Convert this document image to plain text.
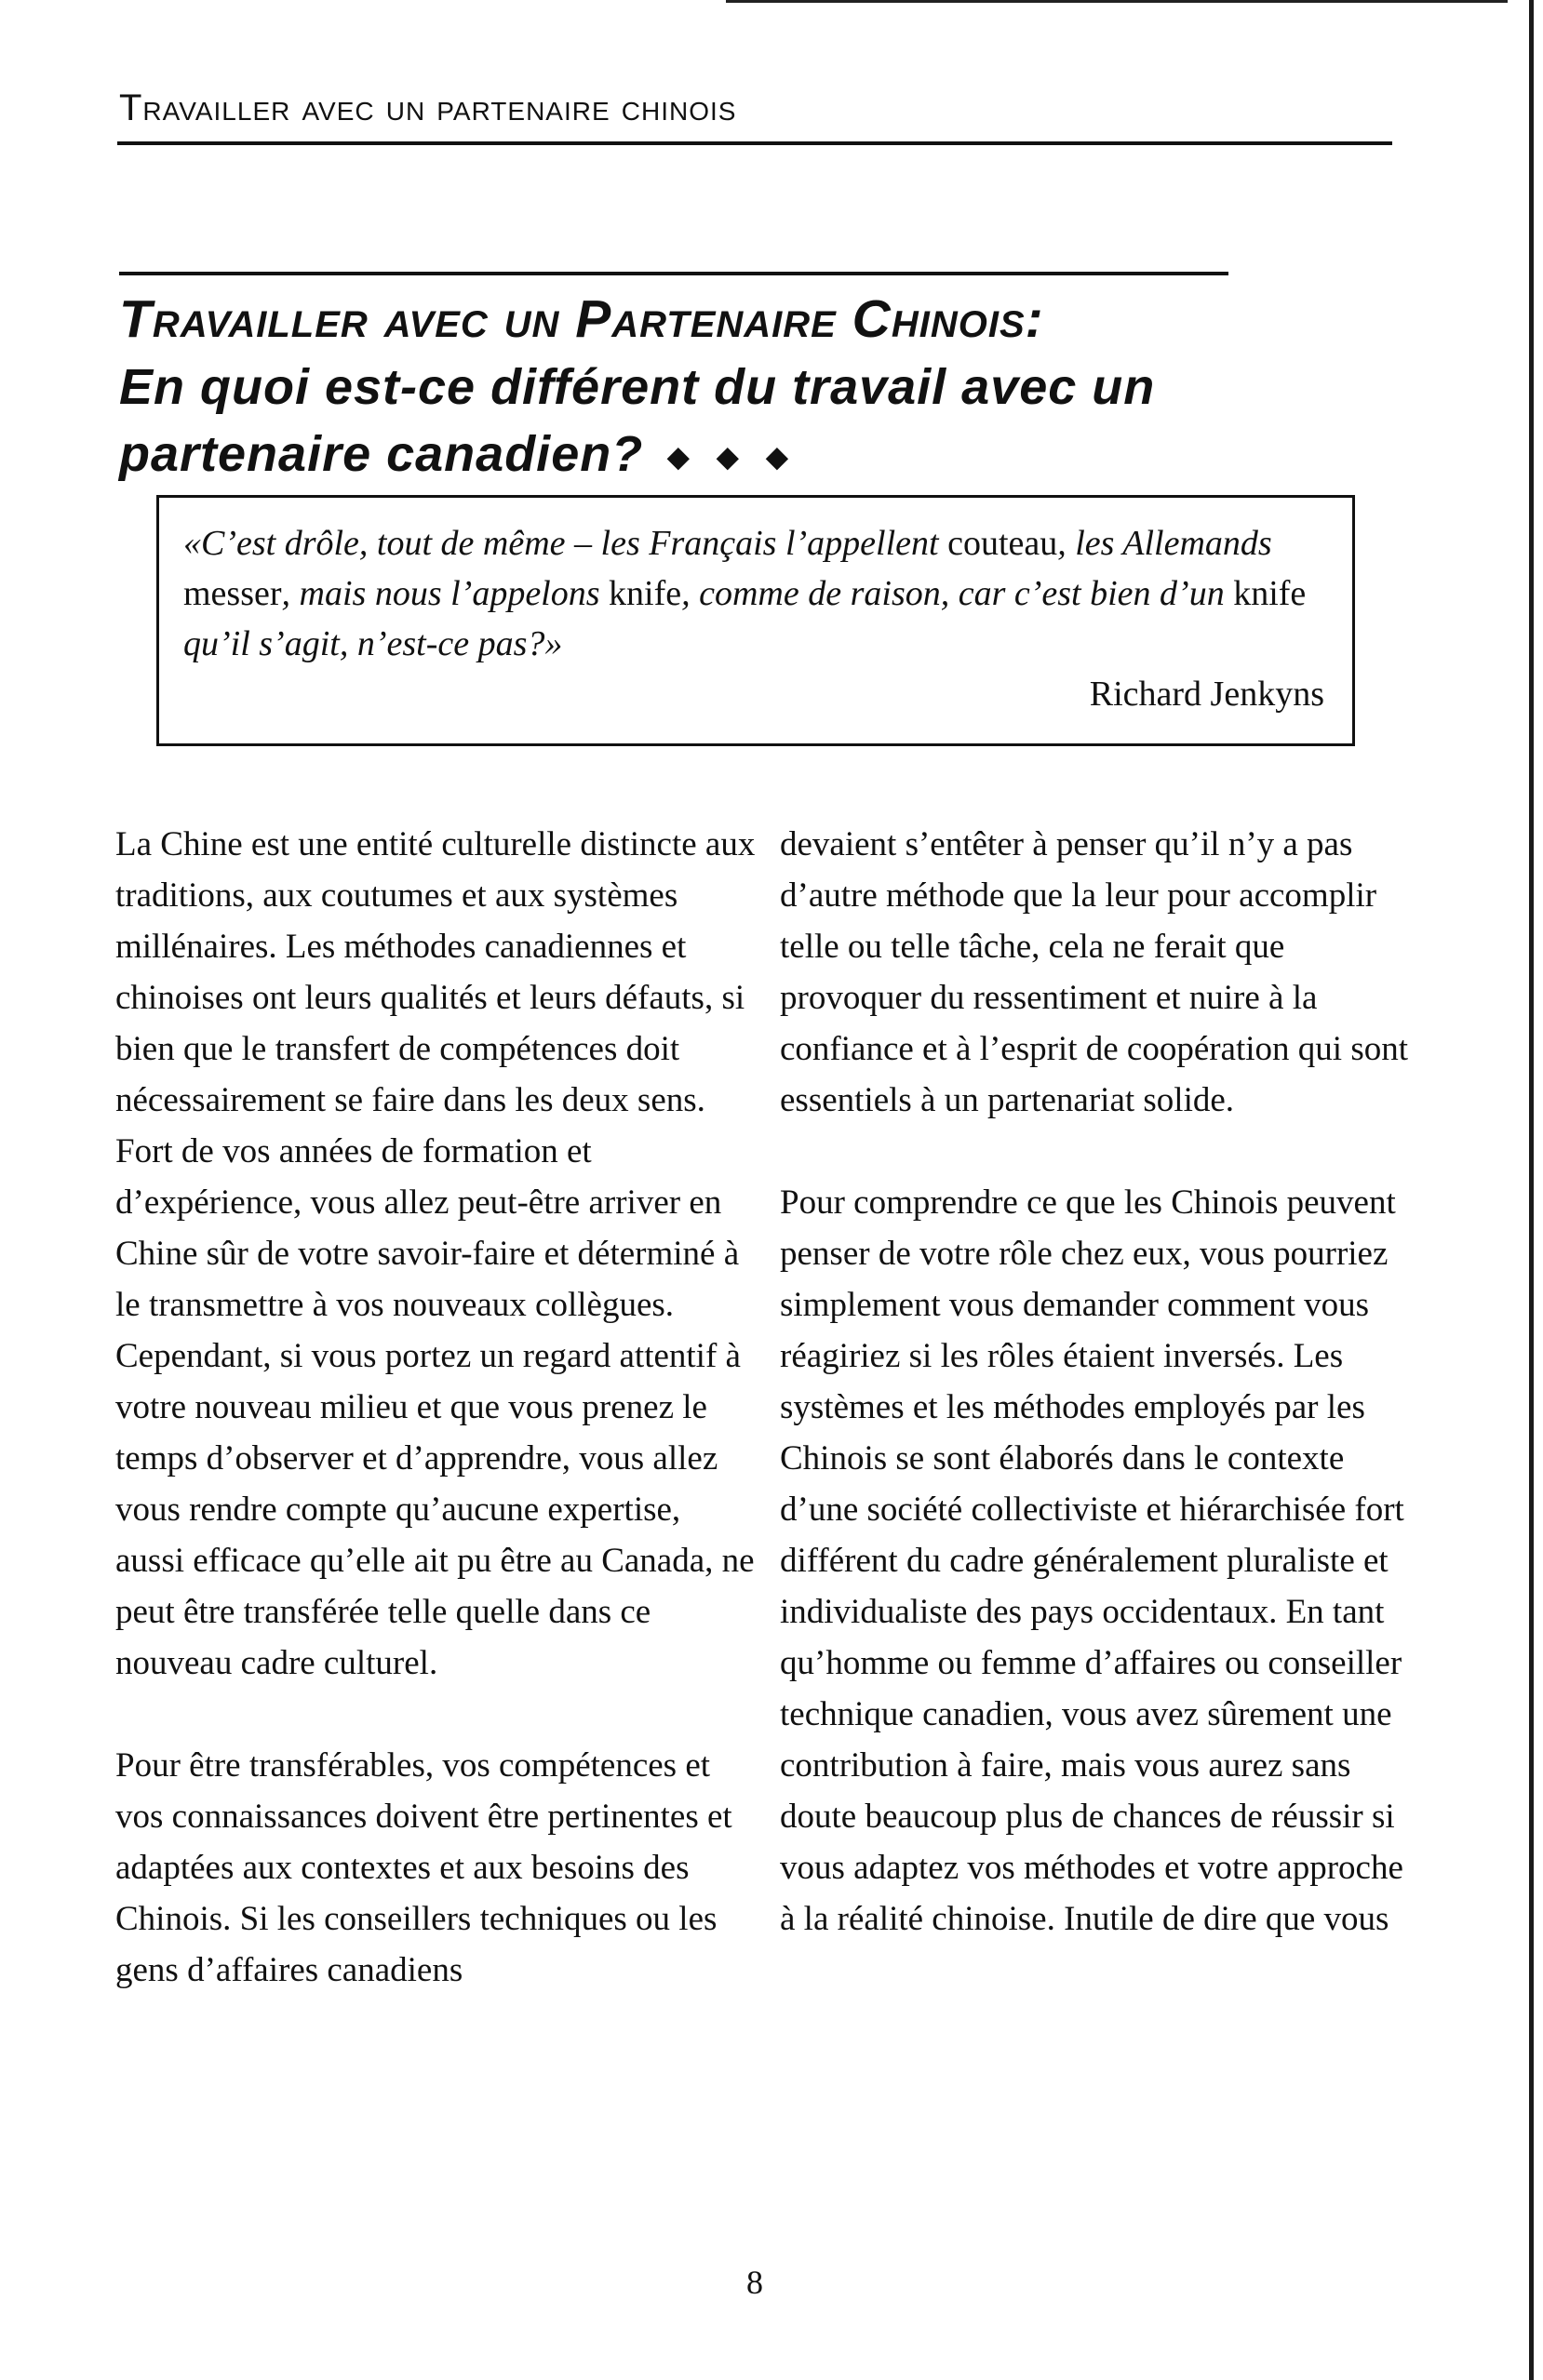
Travailler avec un partenaire chinois
Travailler avec un Partenaire Chinois:
En quoi est-ce différent du travail avec un partenaire canadien? ◆◆◆

«C’est drôle, tout de même – les Français l’appellent couteau, les Allemands messer, mais nous l’appelons knife, comme de raison, car c’est bien d’un knife qu’il s’agit, n’est-ce pas?»

Richard Jenkyns

La Chine est une entité culturelle distincte aux traditions, aux coutumes et aux systèmes millénaires. Les méthodes canadiennes et chinoises ont leurs qualités et leurs défauts, si bien que le transfert de compétences doit nécessairement se faire dans les deux sens. Fort de vos années de formation et d’expérience, vous allez peut-être arriver en Chine sûr de votre savoir-faire et déterminé à le transmettre à vos nouveaux collègues. Cependant, si vous portez un regard attentif à votre nouveau milieu et que vous prenez le temps d’observer et d’apprendre, vous allez vous rendre compte qu’aucune expertise, aussi efficace qu’elle ait pu être au Canada, ne peut être transférée telle quelle dans ce nouveau cadre culturel.

Pour être transférables, vos compétences et vos connaissances doivent être pertinentes et adaptées aux contextes et aux besoins des Chinois. Si les conseillers techniques ou les gens d’affaires canadiens

devaient s’entêter à penser qu’il n’y a pas d’autre méthode que la leur pour accomplir telle ou telle tâche, cela ne ferait que provoquer du ressentiment et nuire à la confiance et à l’esprit de coopération qui sont essentiels à un partenariat solide.

Pour comprendre ce que les Chinois peuvent penser de votre rôle chez eux, vous pourriez simplement vous demander comment vous réagiriez si les rôles étaient inversés. Les systèmes et les méthodes employés par les Chinois se sont élaborés dans le contexte d’une société collectiviste et hiérarchisée fort différent du cadre généralement pluraliste et individualiste des pays occidentaux. En tant qu’homme ou femme d’affaires ou conseiller technique canadien, vous avez sûrement une contribution à faire, mais vous aurez sans doute beaucoup plus de chances de réussir si vous adaptez vos méthodes et votre approche à la réalité chinoise. Inutile de dire que vous

8
